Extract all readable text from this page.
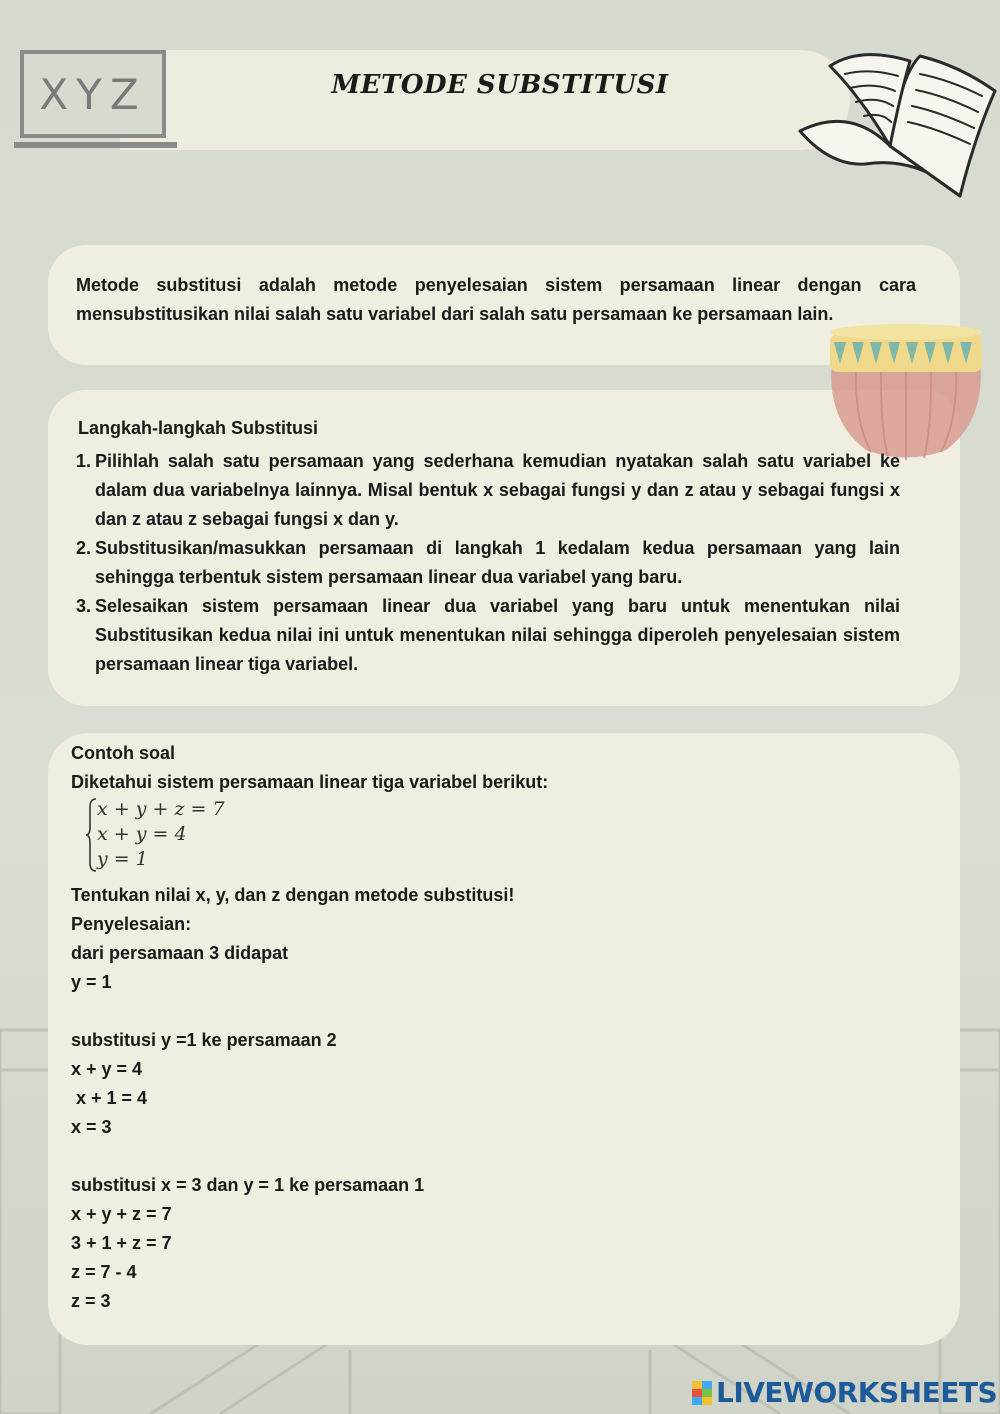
XYZ	METODE SUBSTITUSI
Metode substitusi adalah metode penyelesaian sistem persamaan linear dengan cara mensubstitusikan nilai salah satu variabel dari salah satu persamaan ke persamaan lain.
Langkah-langkah Substitusi
1. Pilihlah salah satu persamaan yang sederhana kemudian nyatakan salah satu variabel ke dalam dua variabelnya lainnya. Misal bentuk x sebagai fungsi y dan z atau y sebagai fungsi x dan z atau z sebagai fungsi x dan y.
2. Substitusikan/masukkan persamaan di langkah 1 kedalam kedua persamaan yang lain sehingga terbentuk sistem persamaan linear dua variabel yang baru.
3. Selesaikan sistem persamaan linear dua variabel yang baru untuk menentukan nilai Substitusikan kedua nilai ini untuk menentukan nilai sehingga diperoleh penyelesaian sistem persamaan linear tiga variabel.
Contoh soal
Diketahui sistem persamaan linear tiga variabel berikut:
x + y + z = 7
x + y = 4
y = 1
Tentukan nilai x, y, dan z dengan metode substitusi!
Penyelesaian:
dari persamaan 3 didapat
y = 1
substitusi y =1 ke persamaan 2
x + y = 4
x + 1 = 4
x = 3
substitusi x = 3 dan y = 1 ke persamaan 1
x + y + z = 7
3 + 1 + z = 7
z = 7 - 4
z = 3
LIVEWORKSHEETS
